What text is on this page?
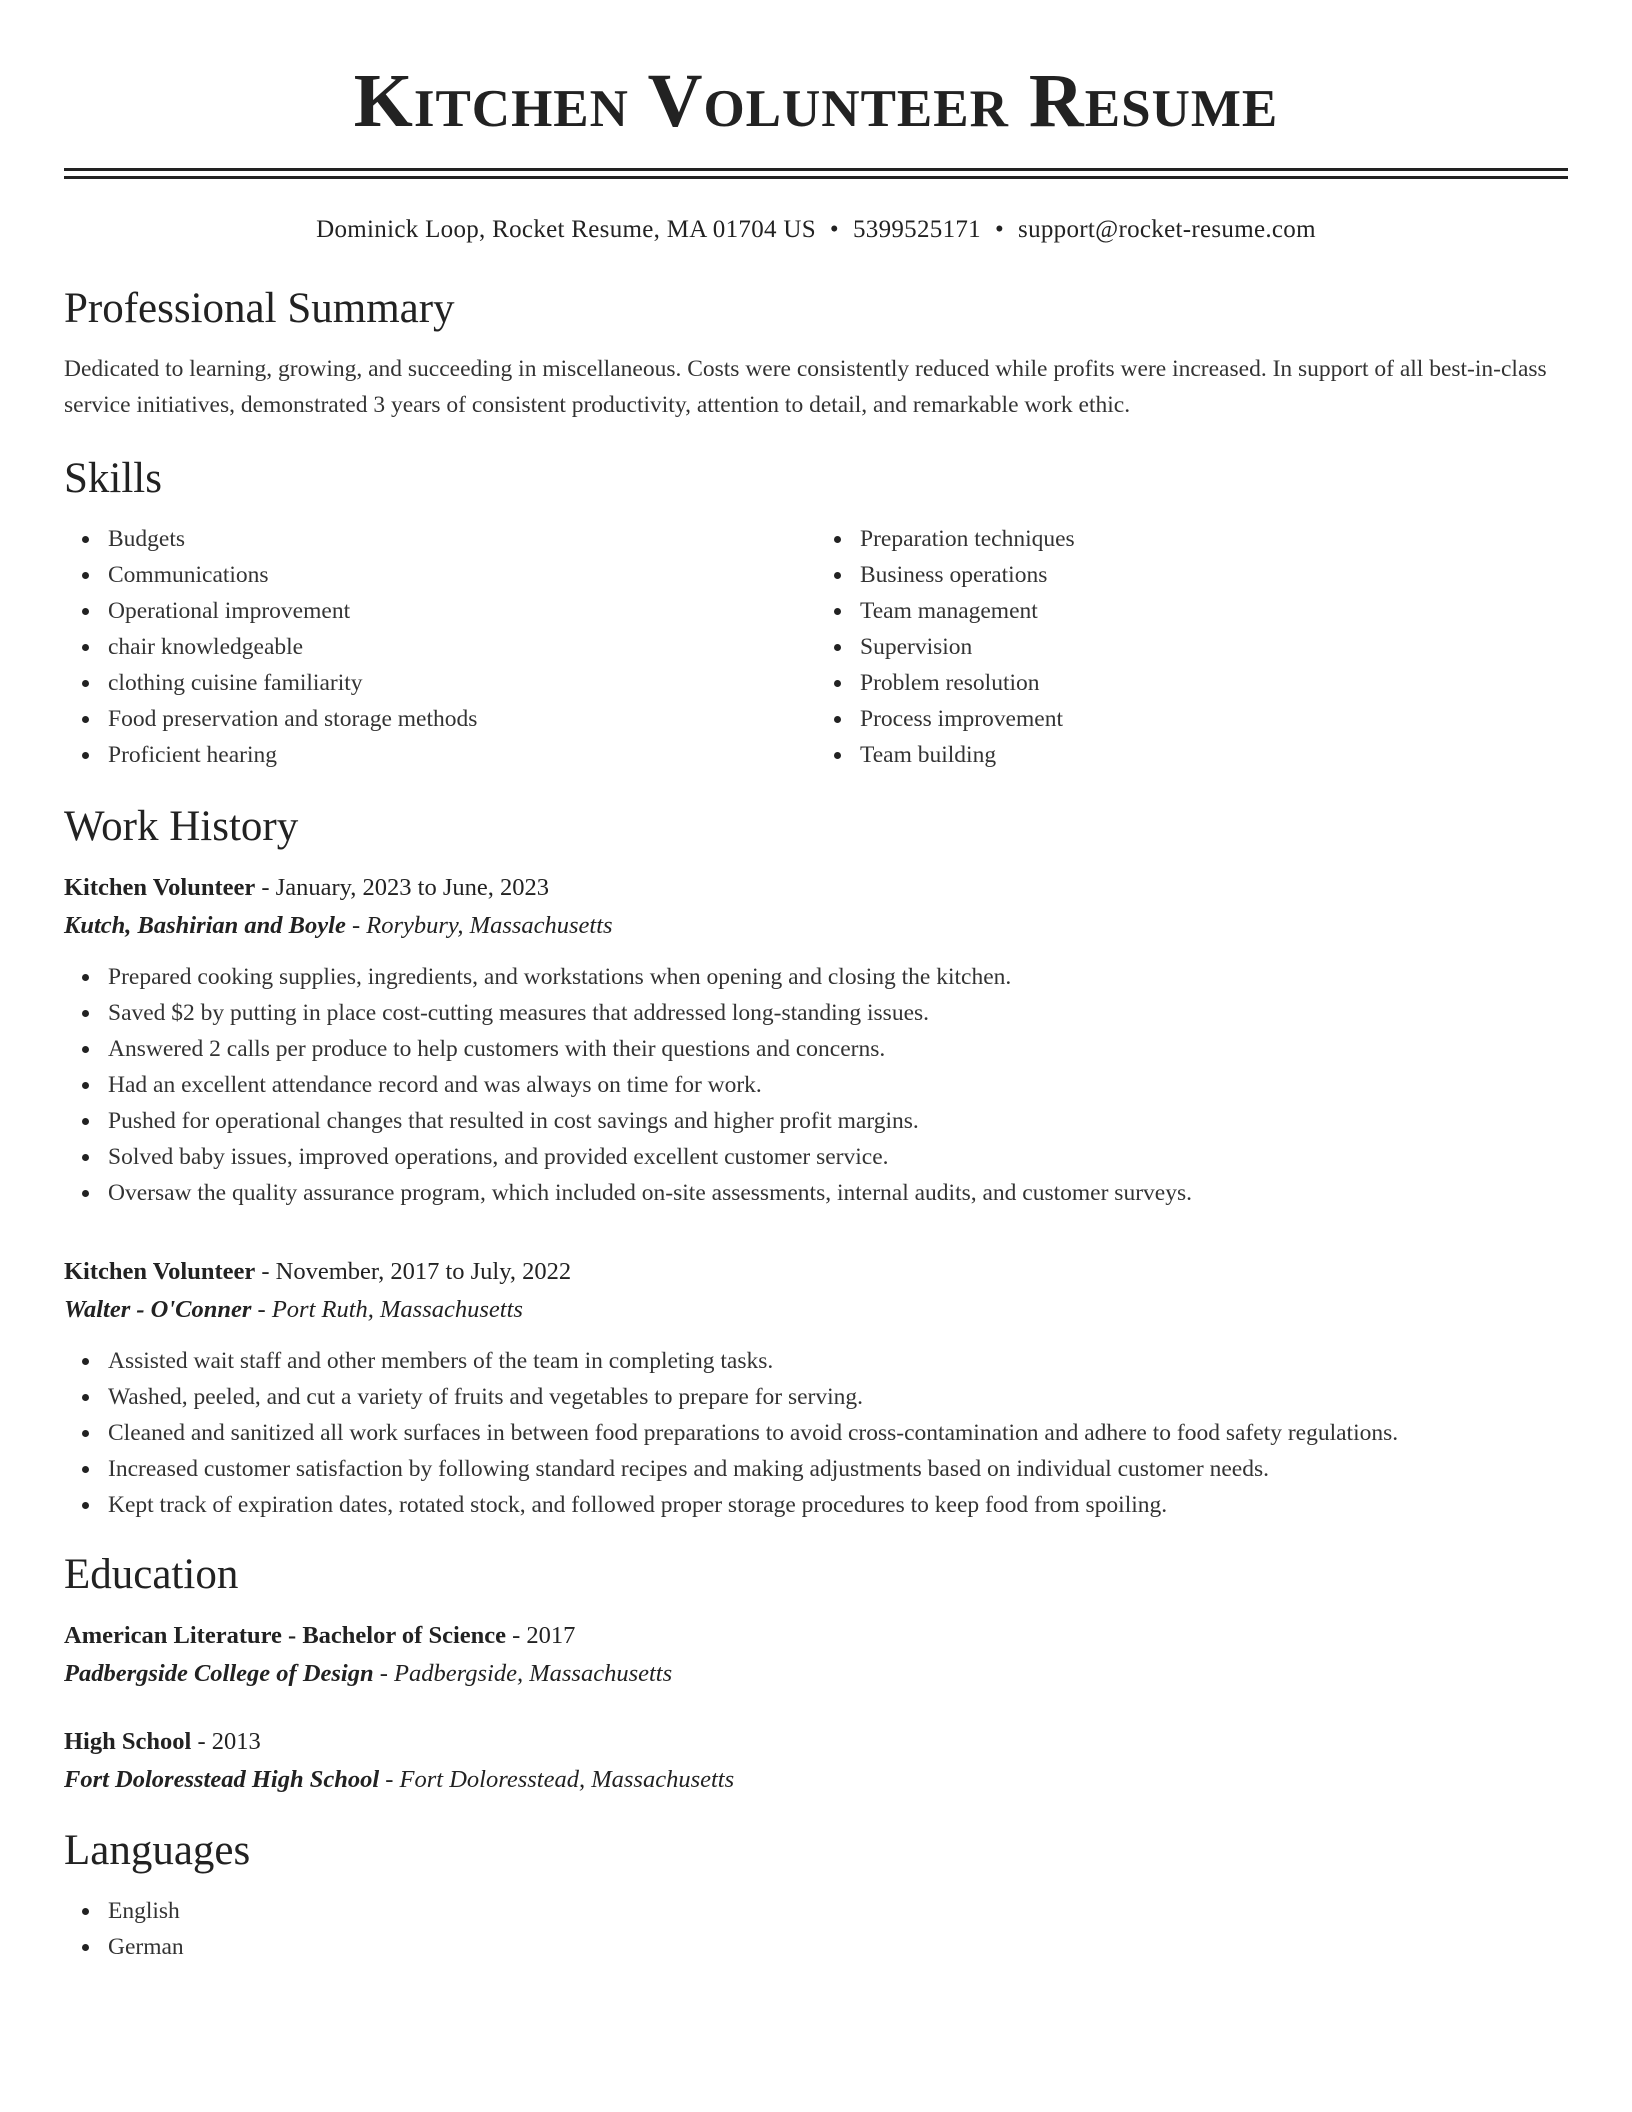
Kitchen Volunteer Resume
Dominick Loop, Rocket Resume, MA 01704 US • 5399525171 • support@rocket-resume.com
Professional Summary
Dedicated to learning, growing, and succeeding in miscellaneous. Costs were consistently reduced while profits were increased. In support of all best-in-class service initiatives, demonstrated 3 years of consistent productivity, attention to detail, and remarkable work ethic.
Skills
Budgets
Communications
Operational improvement
chair knowledgeable
clothing cuisine familiarity
Food preservation and storage methods
Proficient hearing
Preparation techniques
Business operations
Team management
Supervision
Problem resolution
Process improvement
Team building
Work History
Kitchen Volunteer - January, 2023 to June, 2023
Kutch, Bashirian and Boyle - Rorybury, Massachusetts
Prepared cooking supplies, ingredients, and workstations when opening and closing the kitchen.
Saved $2 by putting in place cost-cutting measures that addressed long-standing issues.
Answered 2 calls per produce to help customers with their questions and concerns.
Had an excellent attendance record and was always on time for work.
Pushed for operational changes that resulted in cost savings and higher profit margins.
Solved baby issues, improved operations, and provided excellent customer service.
Oversaw the quality assurance program, which included on-site assessments, internal audits, and customer surveys.
Kitchen Volunteer - November, 2017 to July, 2022
Walter - O'Conner - Port Ruth, Massachusetts
Assisted wait staff and other members of the team in completing tasks.
Washed, peeled, and cut a variety of fruits and vegetables to prepare for serving.
Cleaned and sanitized all work surfaces in between food preparations to avoid cross-contamination and adhere to food safety regulations.
Increased customer satisfaction by following standard recipes and making adjustments based on individual customer needs.
Kept track of expiration dates, rotated stock, and followed proper storage procedures to keep food from spoiling.
Education
American Literature - Bachelor of Science - 2017
Padbergside College of Design - Padbergside, Massachusetts
High School - 2013
Fort Doloresstead High School - Fort Doloresstead, Massachusetts
Languages
English
German
